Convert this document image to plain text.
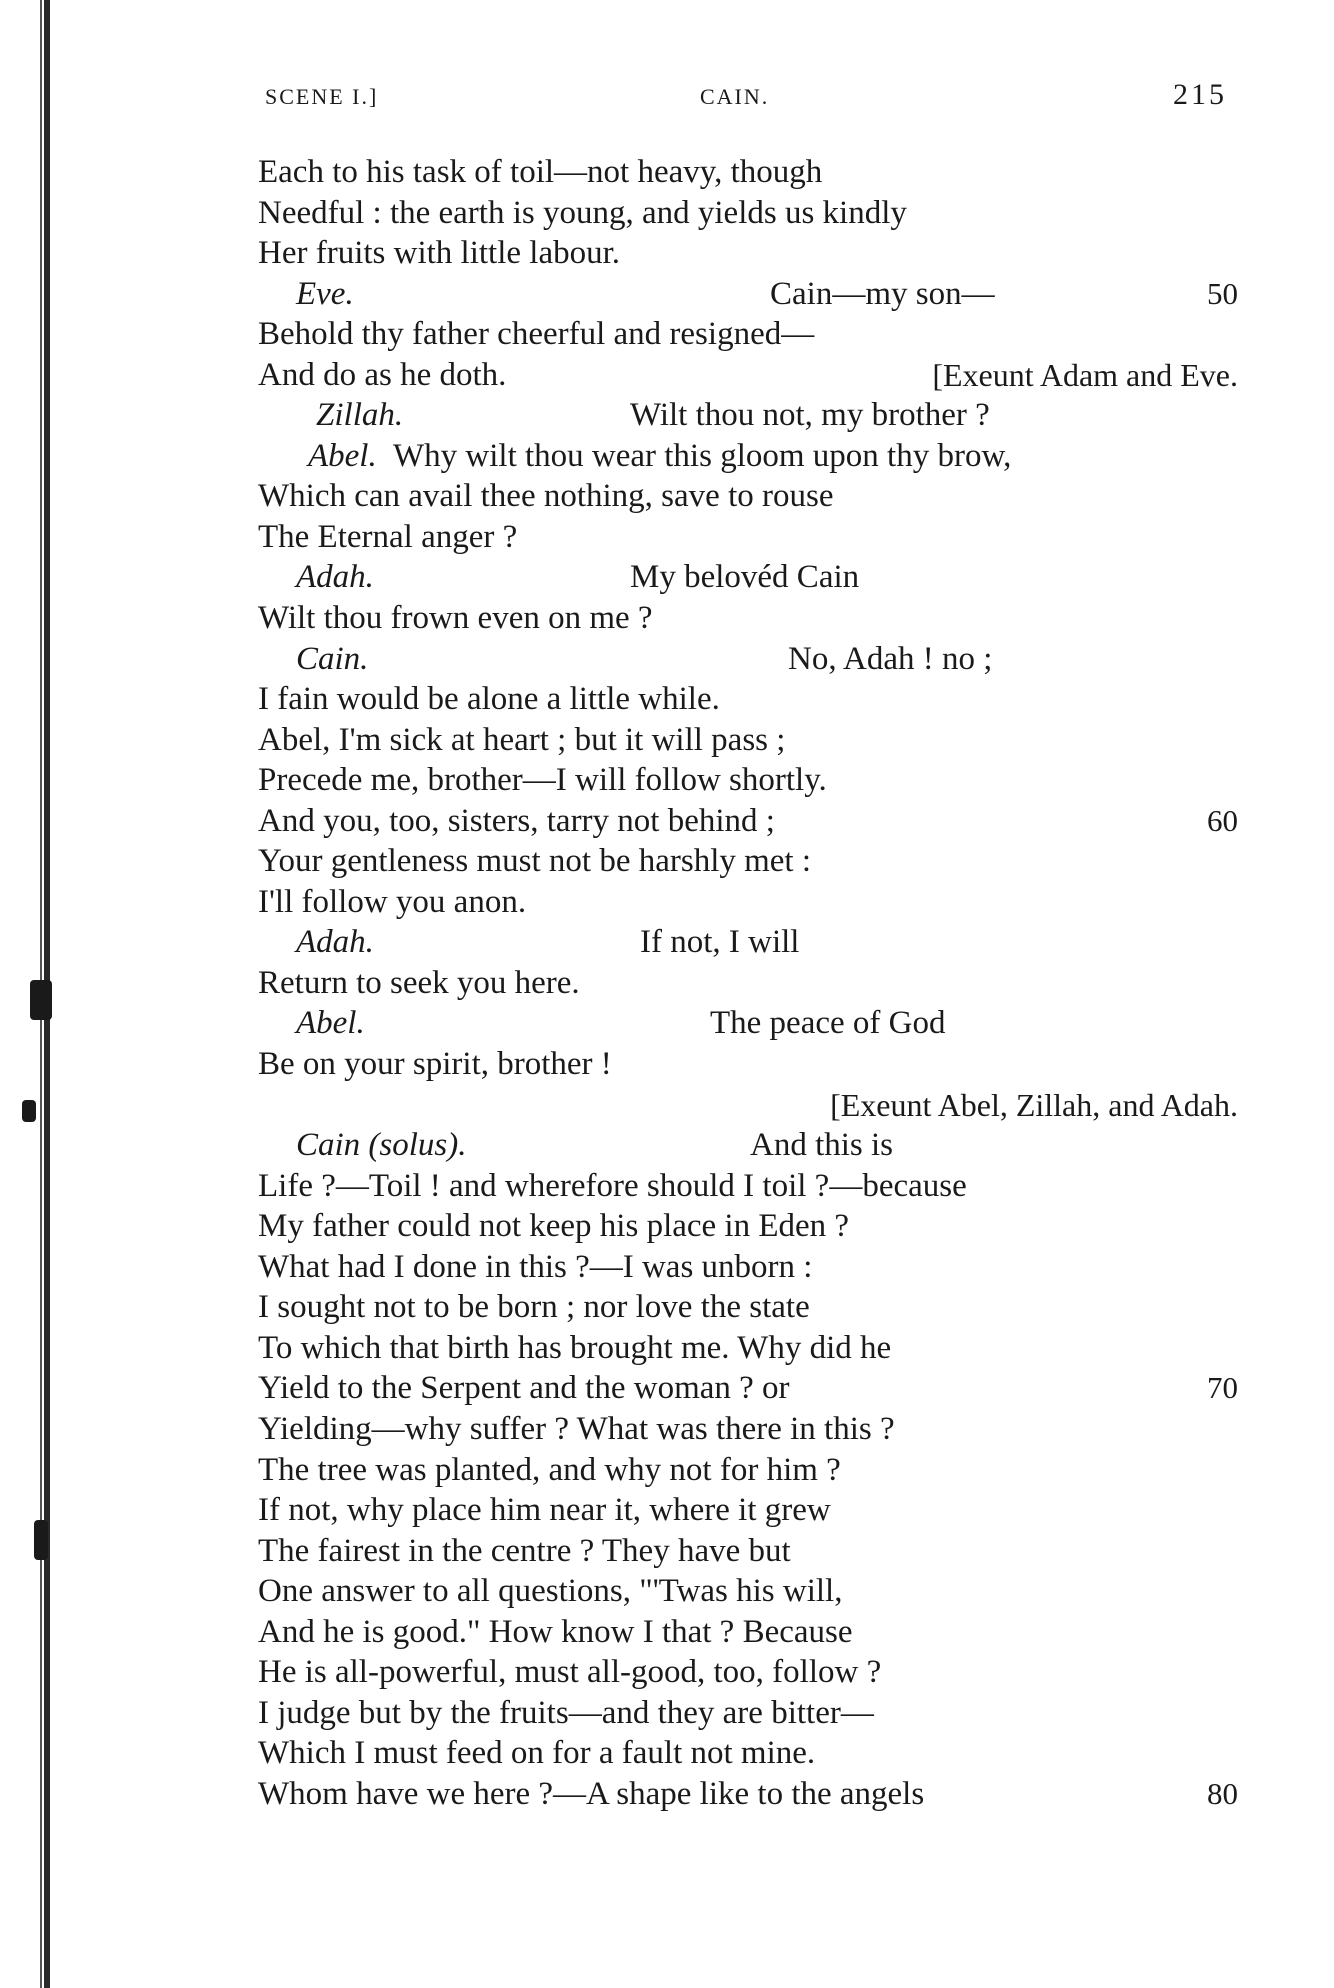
SCENE I.]	CAIN.	215
Each to his task of toil—not heavy, though
Needful : the earth is young, and yields us kindly
Her fruits with little labour.
Eve.	Cain—my son—	50
Behold thy father cheerful and resigned—
And do as he doth.	[Exeunt Adam and Eve.
Zillah.	Wilt thou not, my brother ?
Abel. Why wilt thou wear this gloom upon thy brow,
Which can avail thee nothing, save to rouse
The Eternal anger ?
Adah.	My belovéd Cain
Wilt thou frown even on me ?
Cain.	No, Adah ! no ;
I fain would be alone a little while.
Abel, I'm sick at heart ; but it will pass ;
Precede me, brother—I will follow shortly.
And you, too, sisters, tarry not behind ;	60
Your gentleness must not be harshly met :
I'll follow you anon.
Adah.	If not, I will
Return to seek you here.
Abel.	The peace of God
Be on your spirit, brother !
[Exeunt Abel, Zillah, and Adah.
Cain (solus).	And this is
Life ?—Toil ! and wherefore should I toil ?—because
My father could not keep his place in Eden ?
What had I done in this ?—I was unborn :
I sought not to be born ; nor love the state
To which that birth has brought me. Why did he
Yield to the Serpent and the woman ? or	70
Yielding—why suffer ? What was there in this ?
The tree was planted, and why not for him ?
If not, why place him near it, where it grew
The fairest in the centre ? They have but
One answer to all questions, "'Twas his will,
And he is good." How know I that ? Because
He is all-powerful, must all-good, too, follow ?
I judge but by the fruits—and they are bitter—
Which I must feed on for a fault not mine.
Whom have we here ?—A shape like to the angels	80
